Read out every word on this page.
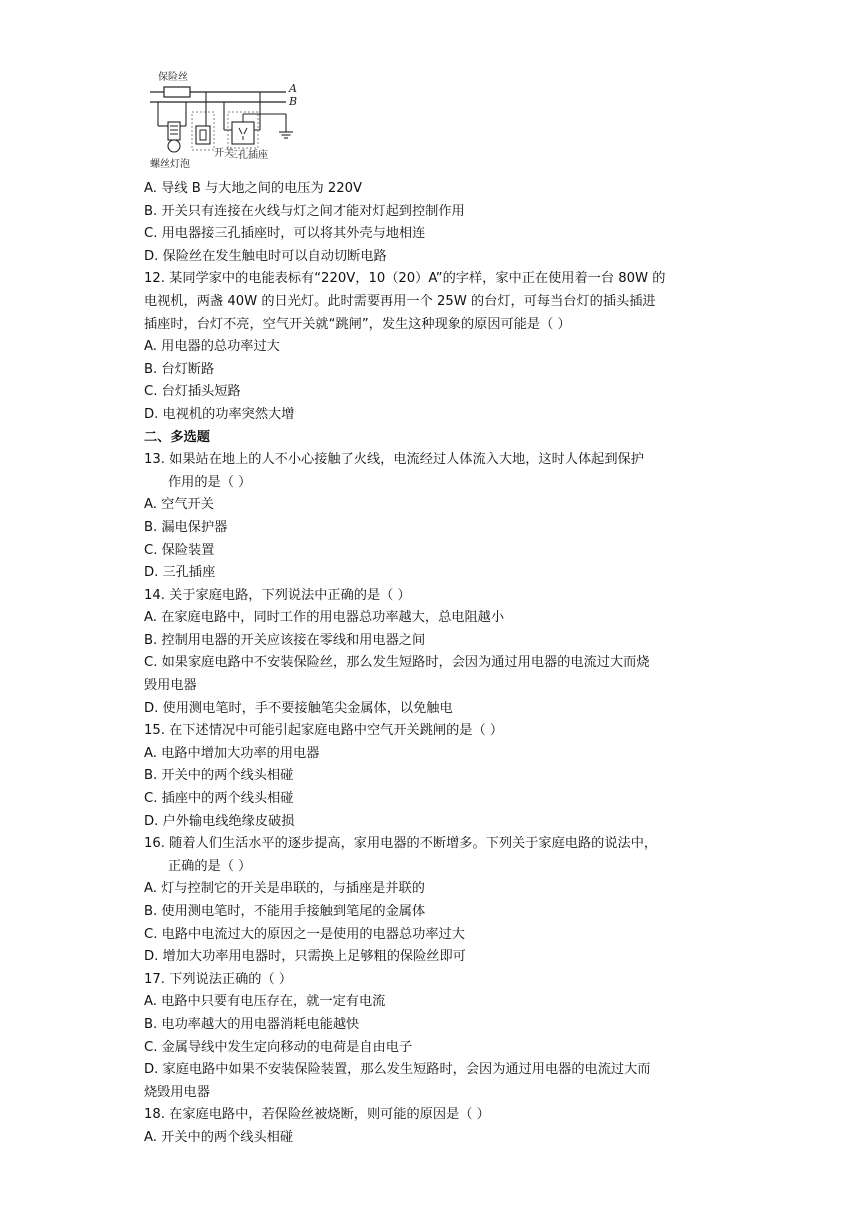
保险丝
A
B
螺丝灯泡
开关
三孔插座
A. 导线 B 与大地之间的电压为 220V
B. 开关只有连接在火线与灯之间才能对灯起到控制作用
C. 用电器接三孔插座时，可以将其外壳与地相连
D. 保险丝在发生触电时可以自动切断电路
12. 某同学家中的电能表标有“220V，10（20）A”的字样，家中正在使用着一台 80W 的
电视机，两盏 40W 的日光灯。此时需要再用一个 25W 的台灯，可每当台灯的插头插进
插座时，台灯不亮，空气开关就“跳闸”，发生这种现象的原因可能是（ ）
A. 用电器的总功率过大
B. 台灯断路
C. 台灯插头短路
D. 电视机的功率突然大增
二、多选题
13. 如果站在地上的人不小心接触了火线，电流经过人体流入大地，这时人体起到保护
作用的是（ ）
A. 空气开关
B. 漏电保护器
C. 保险装置
D. 三孔插座
14. 关于家庭电路，下列说法中正确的是（ ）
A. 在家庭电路中，同时工作的用电器总功率越大，总电阻越小
B. 控制用电器的开关应该接在零线和用电器之间
C. 如果家庭电路中不安装保险丝，那么发生短路时，会因为通过用电器的电流过大而烧
毁用电器
D. 使用测电笔时，手不要接触笔尖金属体，以免触电
15. 在下述情况中可能引起家庭电路中空气开关跳闸的是（ ）
A. 电路中增加大功率的用电器
B. 开关中的两个线头相碰
C. 插座中的两个线头相碰
D. 户外输电线绝缘皮破损
16. 随着人们生活水平的逐步提高，家用电器的不断增多。下列关于家庭电路的说法中，
正确的是（ ）
A. 灯与控制它的开关是串联的，与插座是并联的
B. 使用测电笔时，不能用手接触到笔尾的金属体
C. 电路中电流过大的原因之一是使用的电器总功率过大
D. 增加大功率用电器时，只需换上足够粗的保险丝即可
17. 下列说法正确的（ ）
A. 电路中只要有电压存在，就一定有电流
B. 电功率越大的用电器消耗电能越快
C. 金属导线中发生定向移动的电荷是自由电子
D. 家庭电路中如果不安装保险装置，那么发生短路时，会因为通过用电器的电流过大而
烧毁用电器
18. 在家庭电路中，若保险丝被烧断，则可能的原因是（ ）
A. 开关中的两个线头相碰
